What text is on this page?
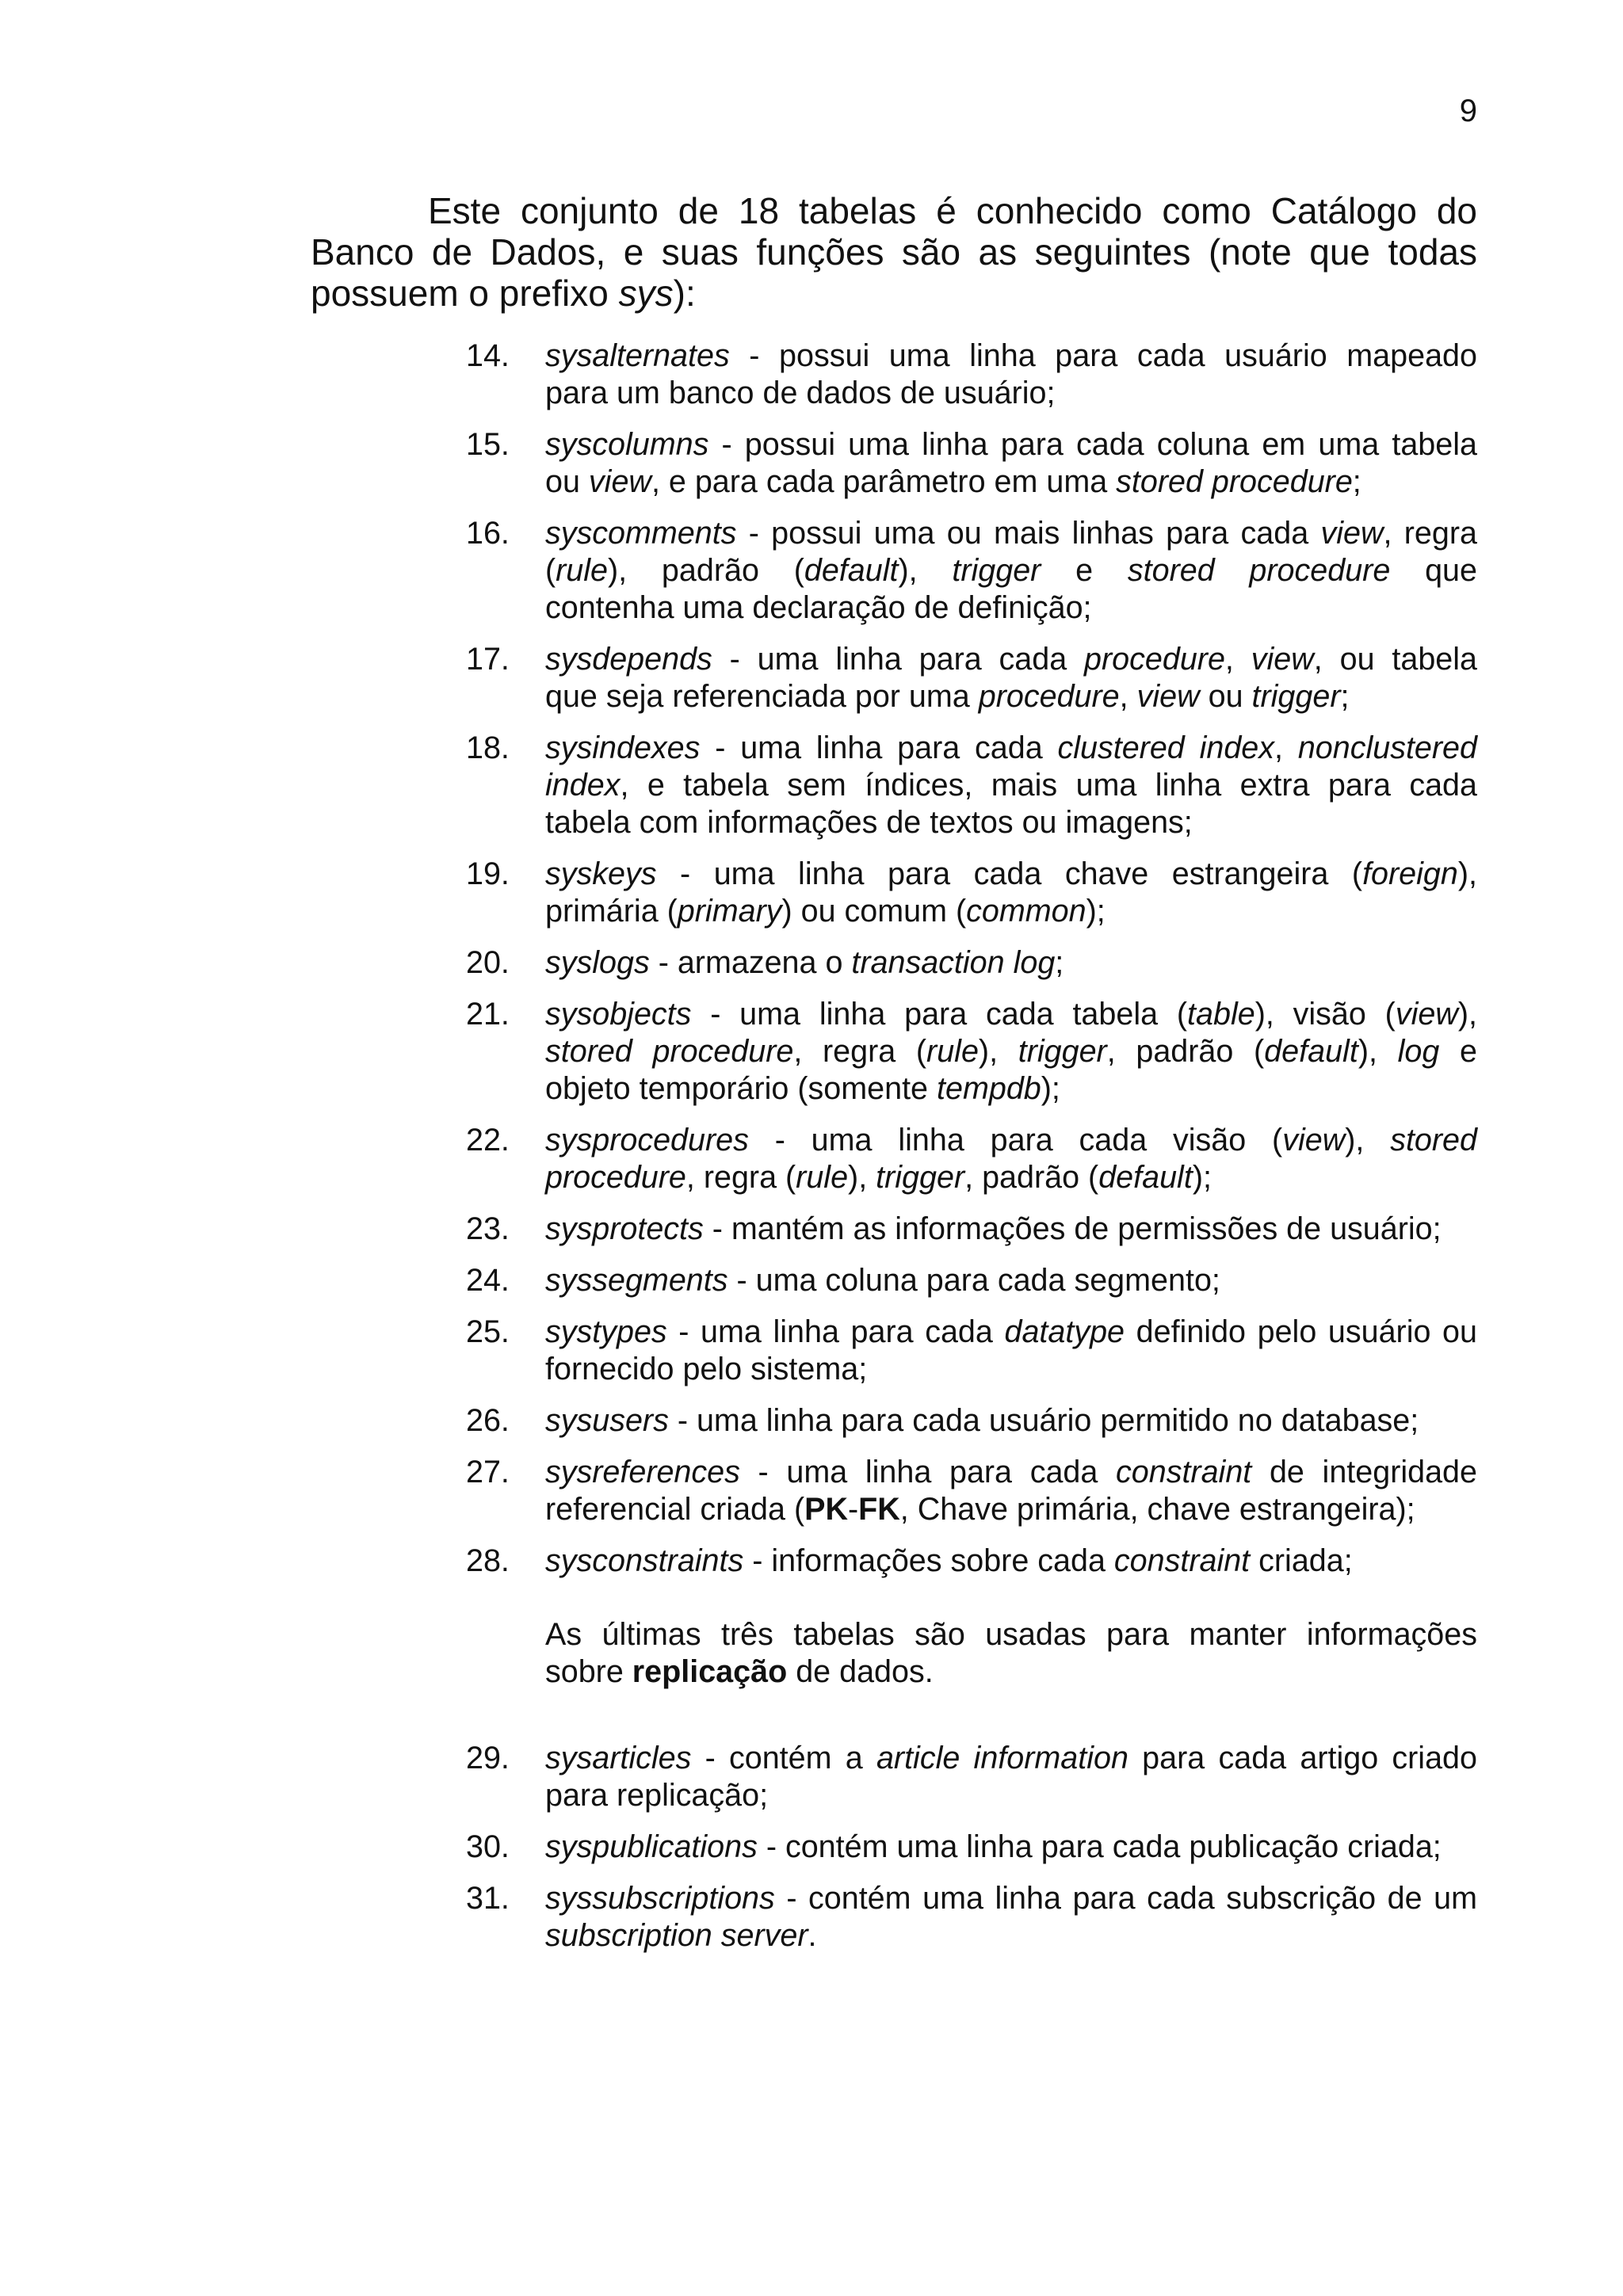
9
Este conjunto de 18 tabelas é conhecido como Catálogo do
Banco de Dados, e suas funções são as seguintes (note que todas
possuem o prefixo sys):
14. sysalternates - possui uma linha para cada usuário mapeado
para um banco de dados de usuário;
15. syscolumns - possui uma linha para cada coluna em uma tabela
ou view, e para cada parâmetro em uma stored procedure;
16. syscomments - possui uma ou mais linhas para cada view, regra
(rule), padrão (default), trigger e stored procedure que
contenha uma declaração de definição;
17. sysdepends - uma linha para cada procedure, view, ou tabela
que seja referenciada por uma procedure, view ou trigger;
18. sysindexes - uma linha para cada clustered index, nonclustered
index, e tabela sem índices, mais uma linha extra para cada
tabela com informações de textos ou imagens;
19. syskeys - uma linha para cada chave estrangeira (foreign),
primária (primary) ou comum (common);
20. syslogs - armazena o transaction log;
21. sysobjects - uma linha para cada tabela (table), visão (view),
stored procedure, regra (rule), trigger, padrão (default), log e
objeto temporário (somente tempdb);
22. sysprocedures - uma linha para cada visão (view), stored
procedure, regra (rule), trigger, padrão (default);
23. sysprotects - mantém as informações de permissões de usuário;
24. syssegments - uma coluna para cada segmento;
25. systypes - uma linha para cada datatype definido pelo usuário ou
fornecido pelo sistema;
26. sysusers - uma linha para cada usuário permitido no database;
27. sysreferences - uma linha para cada constraint de integridade
referencial criada (PK-FK, Chave primária, chave estrangeira);
28. sysconstraints - informações sobre cada constraint criada;
As últimas três tabelas são usadas para manter informações
sobre replicação de dados.
29. sysarticles - contém a article information para cada artigo criado
para replicação;
30. syspublications - contém uma linha para cada publicação criada;
31. syssubscriptions - contém uma linha para cada subscrição de um
subscription server.
